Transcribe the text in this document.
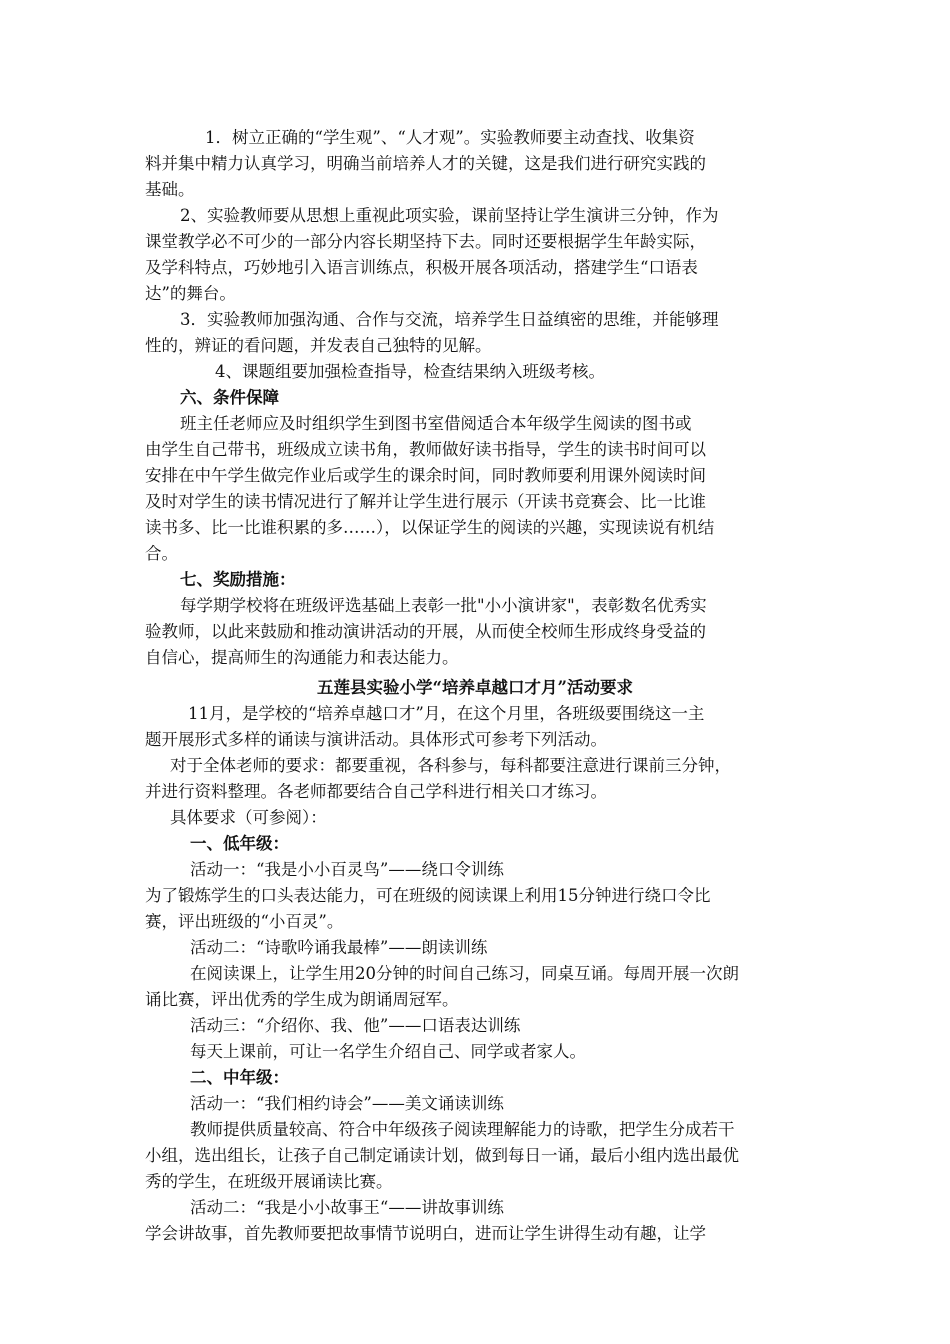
1．树立正确的“学生观”、“人才观”。实验教师要主动查找、收集资
料并集中精力认真学习，明确当前培养人才的关键，这是我们进行研究实践的
基础。
2、实验教师要从思想上重视此项实验，课前坚持让学生演讲三分钟，作为
课堂教学必不可少的一部分内容长期坚持下去。同时还要根据学生年龄实际，
及学科特点，巧妙地引入语言训练点，积极开展各项活动，搭建学生“口语表
达”的舞台。
3．实验教师加强沟通、合作与交流，培养学生日益缜密的思维，并能够理
性的，辨证的看问题，并发表自己独特的见解。
4、课题组要加强检查指导，检查结果纳入班级考核。
六、条件保障
班主任老师应及时组织学生到图书室借阅适合本年级学生阅读的图书或
由学生自己带书，班级成立读书角，教师做好读书指导，学生的读书时间可以
安排在中午学生做完作业后或学生的课余时间，同时教师要利用课外阅读时间
及时对学生的读书情况进行了解并让学生进行展示（开读书竞赛会、比一比谁
读书多、比一比谁积累的多……），以保证学生的阅读的兴趣，实现读说有机结
合。
七、奖励措施：
每学期学校将在班级评选基础上表彰一批"小小演讲家"，表彰数名优秀实
验教师，以此来鼓励和推动演讲活动的开展，从而使全校师生形成终身受益的
自信心，提高师生的沟通能力和表达能力。
五莲县实验小学“培养卓越口才月”活动要求
11月，是学校的“培养卓越口才”月，在这个月里，各班级要围绕这一主
题开展形式多样的诵读与演讲活动。具体形式可参考下列活动。
对于全体老师的要求：都要重视，各科参与，每科都要注意进行课前三分钟，
并进行资料整理。各老师都要结合自己学科进行相关口才练习。
具体要求（可参阅）：
一、低年级：
活动一：“我是小小百灵鸟”——绕口令训练
为了锻炼学生的口头表达能力，可在班级的阅读课上利用15分钟进行绕口令比
赛，评出班级的“小百灵”。
活动二：“诗歌吟诵我最棒”——朗读训练
在阅读课上，让学生用20分钟的时间自己练习，同桌互诵。每周开展一次朗
诵比赛，评出优秀的学生成为朗诵周冠军。
活动三：“介绍你、我、他”——口语表达训练
每天上课前，可让一名学生介绍自己、同学或者家人。
二、中年级：
活动一：“我们相约诗会”——美文诵读训练
教师提供质量较高、符合中年级孩子阅读理解能力的诗歌，把学生分成若干
小组，选出组长，让孩子自己制定诵读计划，做到每日一诵，最后小组内选出最优
秀的学生，在班级开展诵读比赛。
活动二：“我是小小故事王“——讲故事训练
学会讲故事，首先教师要把故事情节说明白，进而让学生讲得生动有趣，让学
